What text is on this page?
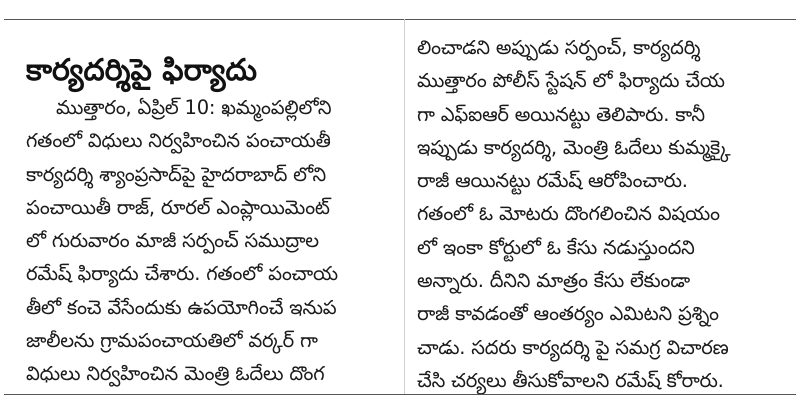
కార్యదర్శిపై ఫిర్యాదు
ముత్తారం, ఏప్రిల్ 10: ఖమ్మంపల్లిలోని
గతంలో విధులు నిర్వహించిన పంచాయతీ
కార్యదర్శి శ్యాంప్రసాద్‌పై హైదరాబాద్ లోని
పంచాయితీ రాజ్, రూరల్ ఎంప్లాయిమెంట్
లో గురువారం మాజీ సర్పంచ్ సముద్రాల
రమేష్ ఫిర్యాదు చేశారు. గతంలో పంచాయ
తీలో కంచె వేసేందుకు ఉపయోగించే ఇనుప
జాలీలను గ్రామపంచాయతిలో వర్కర్ గా
విధులు నిర్వహించిన మెంత్రి ఓదేలు దొంగ
లించాడని అప్పుడు సర్పంచ్, కార్యదర్శి
ముత్తారం పోలీస్ స్టేషన్ లో ఫిర్యాదు చేయ
గా ఎఫ్ఐఆర్ అయినట్టు తెలిపారు. కానీ
ఇప్పుడు కార్యదర్శి, మెంత్రి ఓదేలు కుమ్మక్కై
రాజీ ఆయినట్టు రమేష్ ఆరోపించారు.
గతంలో ఓ మోటరు దొంగలించిన విషయం
లో ఇంకా కోర్టులో ఓ కేసు నడుస్తుందని
అన్నారు. దీనిని మాత్రం కేసు లేకుండా
రాజీ కావడంతో ఆంతర్యం ఎమిటని ప్రశ్నిం
చాడు. సదరు కార్యదర్శి పై సమగ్ర విచారణ
చేసి చర్యలు తీసుకోవాలని రమేష్ కోరారు.
